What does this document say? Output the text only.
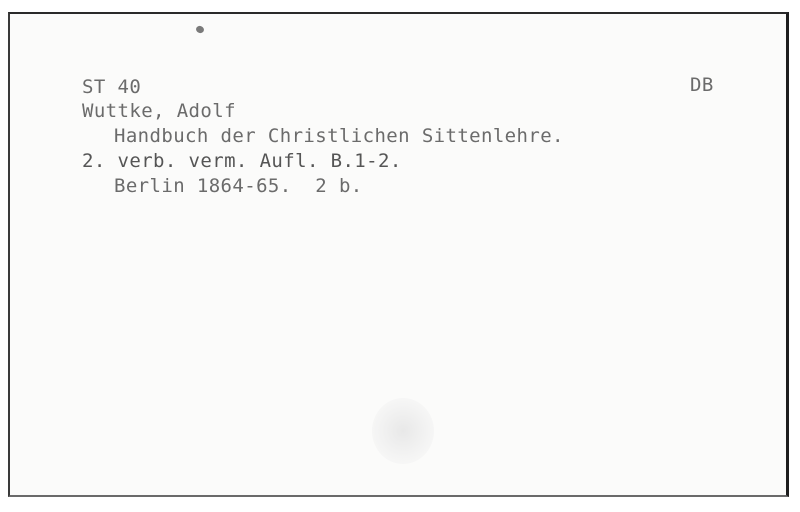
ST 40	DB
Wuttke, Adolf
Handbuch der Christlichen Sittenlehre.
2. verb. verm. Aufl. B.1-2.
Berlin 1864-65.  2 b.
